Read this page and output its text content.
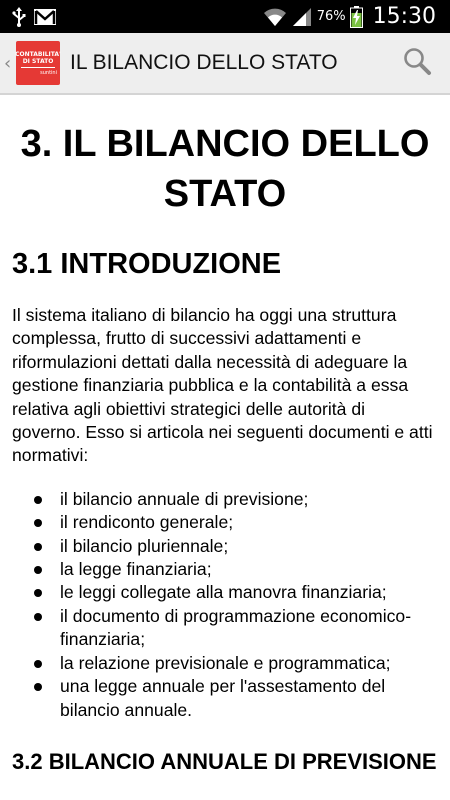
76% 15:30
‹ CONTABILITA'
DI STATO
suntini IL BILANCIO DELLO STATO
3. IL BILANCIO DELLO STATO
3.1 INTRODUZIONE

Il sistema italiano di bilancio ha oggi una struttura complessa, frutto di successivi adattamenti e riformulazioni dettati dalla necessità di adeguare la gestione finanziaria pubblica e la contabilità a essa relativa agli obiettivi strategici delle autorità di governo. Esso si articola nei seguenti documenti e atti normativi:

il bilancio annuale di previsione;
il rendiconto generale;
il bilancio pluriennale;
la legge finanziaria;
le leggi collegate alla manovra finanziaria;
il documento di programmazione economico-finanziaria;
la relazione previsionale e programmatica;
una legge annuale per l'assestamento del bilancio annuale.
3.2 BILANCIO ANNUALE DI PREVISIONE
